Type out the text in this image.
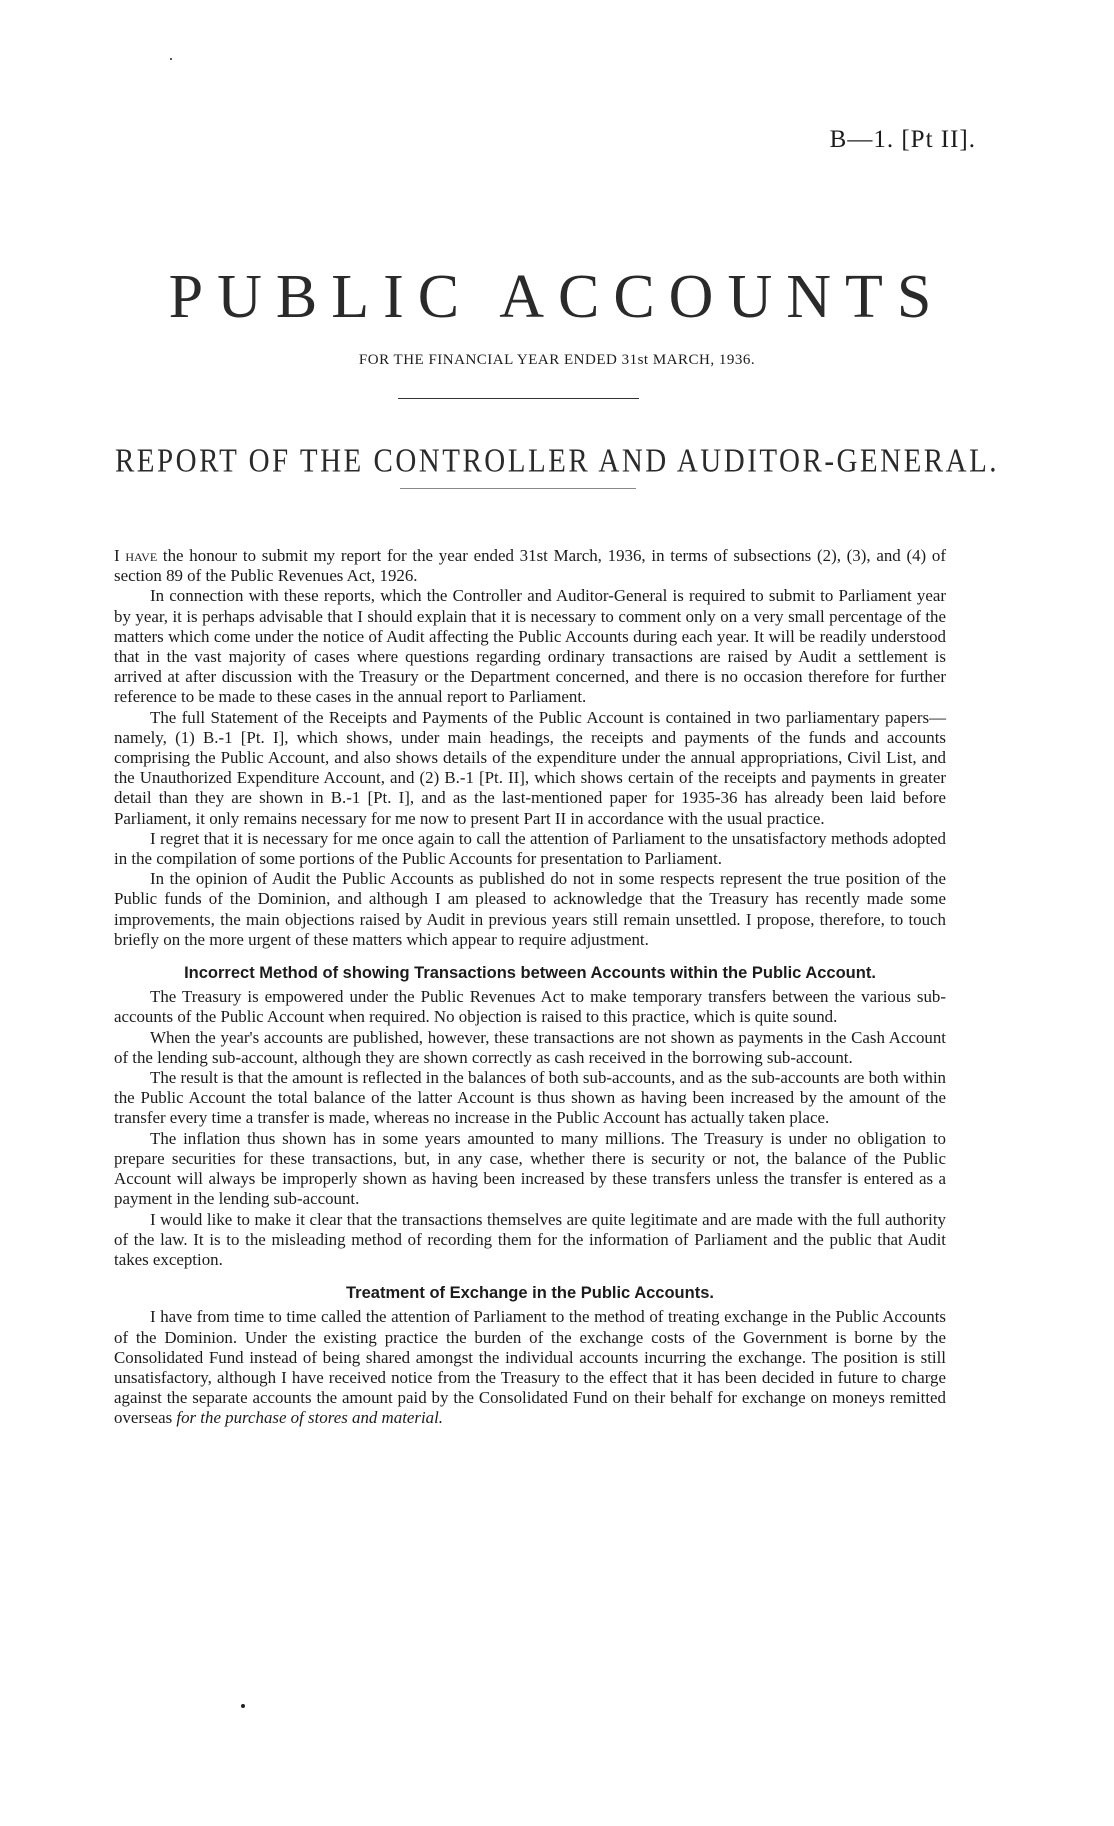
B—1. [Pt II].
PUBLIC ACCOUNTS
FOR THE FINANCIAL YEAR ENDED 31st MARCH, 1936.
REPORT OF THE CONTROLLER AND AUDITOR-GENERAL.

I have the honour to submit my report for the year ended 31st March, 1936, in terms of subsections (2), (3), and (4) of section 89 of the Public Revenues Act, 1926.

In connection with these reports, which the Controller and Auditor-General is required to submit to Parliament year by year, it is perhaps advisable that I should explain that it is necessary to comment only on a very small percentage of the matters which come under the notice of Audit affecting the Public Accounts during each year. It will be readily understood that in the vast majority of cases where questions regarding ordinary transactions are raised by Audit a settlement is arrived at after discussion with the Treasury or the Department concerned, and there is no occasion therefore for further reference to be made to these cases in the annual report to Parliament.

The full Statement of the Receipts and Payments of the Public Account is contained in two parliamentary papers—namely, (1) B.-1 [Pt. I], which shows, under main headings, the receipts and payments of the funds and accounts comprising the Public Account, and also shows details of the expenditure under the annual appropriations, Civil List, and the Unauthorized Expenditure Account, and (2) B.-1 [Pt. II], which shows certain of the receipts and payments in greater detail than they are shown in B.-1 [Pt. I], and as the last-mentioned paper for 1935-36 has already been laid before Parliament, it only remains necessary for me now to present Part II in accordance with the usual practice.

I regret that it is necessary for me once again to call the attention of Parliament to the unsatisfactory methods adopted in the compilation of some portions of the Public Accounts for presentation to Parliament.

In the opinion of Audit the Public Accounts as published do not in some respects represent the true position of the Public funds of the Dominion, and although I am pleased to acknowledge that the Treasury has recently made some improvements, the main objections raised by Audit in previous years still remain unsettled. I propose, therefore, to touch briefly on the more urgent of these matters which appear to require adjustment.

Incorrect Method of showing Transactions between Accounts within the Public Account.

The Treasury is empowered under the Public Revenues Act to make temporary transfers between the various sub-accounts of the Public Account when required. No objection is raised to this practice, which is quite sound.

When the year's accounts are published, however, these transactions are not shown as payments in the Cash Account of the lending sub-account, although they are shown correctly as cash received in the borrowing sub-account.

The result is that the amount is reflected in the balances of both sub-accounts, and as the sub-accounts are both within the Public Account the total balance of the latter Account is thus shown as having been increased by the amount of the transfer every time a transfer is made, whereas no increase in the Public Account has actually taken place.

The inflation thus shown has in some years amounted to many millions. The Treasury is under no obligation to prepare securities for these transactions, but, in any case, whether there is security or not, the balance of the Public Account will always be improperly shown as having been increased by these transfers unless the transfer is entered as a payment in the lending sub-account.

I would like to make it clear that the transactions themselves are quite legitimate and are made with the full authority of the law. It is to the misleading method of recording them for the information of Parliament and the public that Audit takes exception.

Treatment of Exchange in the Public Accounts.

I have from time to time called the attention of Parliament to the method of treating exchange in the Public Accounts of the Dominion. Under the existing practice the burden of the exchange costs of the Government is borne by the Consolidated Fund instead of being shared amongst the individual accounts incurring the exchange. The position is still unsatisfactory, although I have received notice from the Treasury to the effect that it has been decided in future to charge against the separate accounts the amount paid by the Consolidated Fund on their behalf for exchange on moneys remitted overseas for the purchase of stores and material.
